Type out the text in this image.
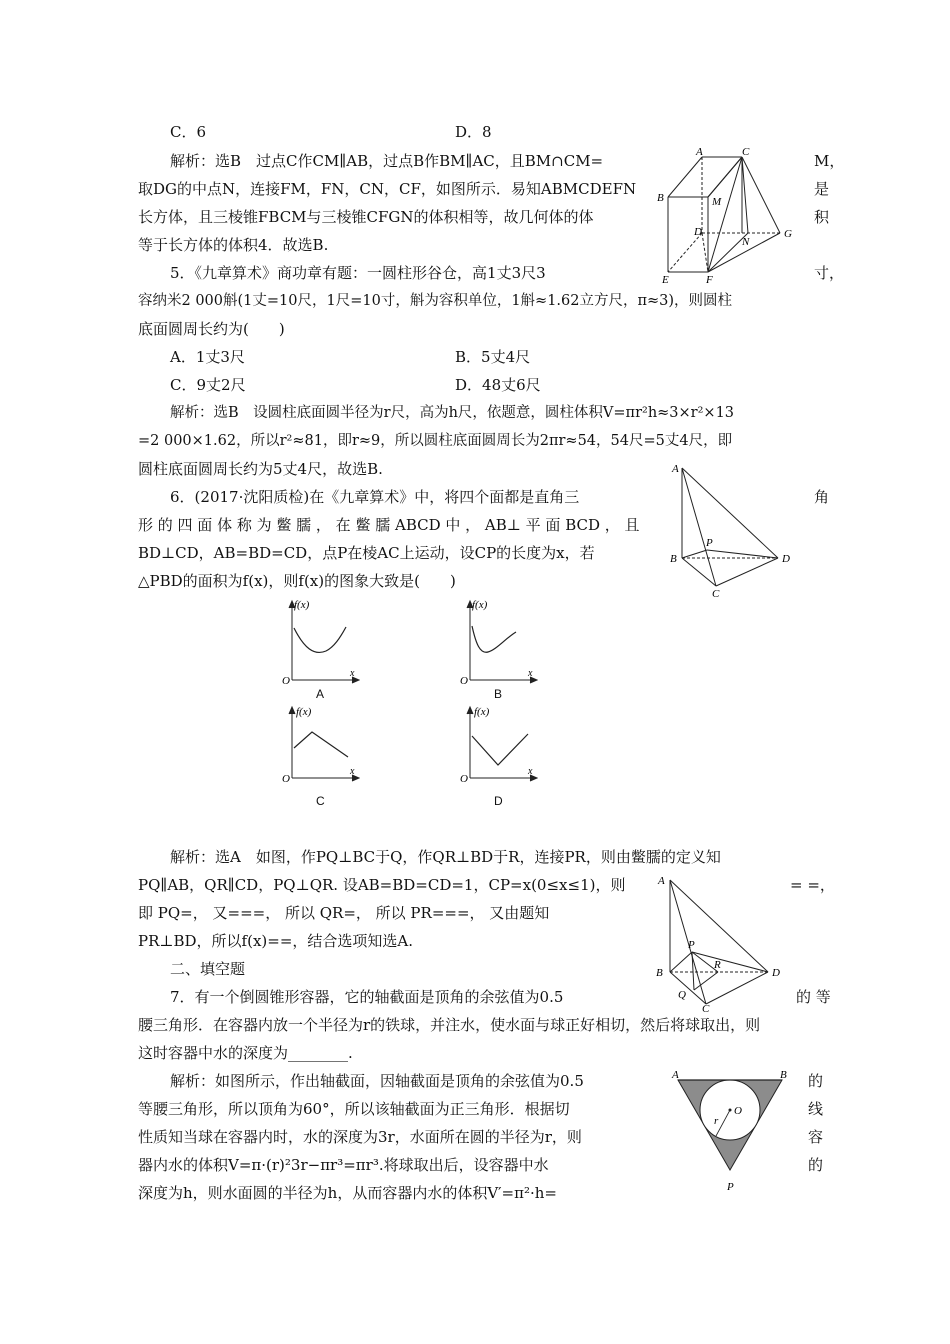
C．6	D．8
解析：选B　过点C作CM∥AB，过点B作BM∥AC，且BM∩CM=	M，
取DG的中点N，连接FM，FN，CN，CF，如图所示．易知ABMCDEFN	是
长方体，且三棱锥FBCM与三棱锥CFGN的体积相等，故几何体的体	积
等于长方体的体积4．故选B.
A	C
B	M
D
N
G
E	F
5．《九章算术》商功章有题：一圆柱形谷仓，高1丈3尺3	寸，
容纳米2 000斛(1丈=10尺，1尺=10寸，斛为容积单位，1斛≈1.62立方尺，π≈3)，则圆柱
底面圆周长约为(　　)
A．1丈3尺	B．5丈4尺
C．9丈2尺	D．48丈6尺
解析：选B　设圆柱底面圆半径为r尺，高为h尺，依题意，圆柱体积V=πr²h≈3×r²×13
=2 000×1.62，所以r²≈81，即r≈9，所以圆柱底面圆周长为2πr≈54，54尺=5丈4尺，即
圆柱底面圆周长约为5丈4尺，故选B.
6．(2017·沈阳质检)在《九章算术》中，将四个面都是直角三	角
形 的 四 面 体 称 为 鳖 臑 ， 在 鳖 臑 ABCD 中 ， AB⊥ 平 面 BCD ， 且
BD⊥CD，AB=BD=CD，点P在棱AC上运动，设CP的长度为x，若
△PBD的面积为f(x)，则f(x)的图象大致是(　　)
A
P
B	D
C
f(x)
O
x
A
f(x)
O
x
B
f(x)
O
x
C
f(x)
O
x
D
解析：选A　如图，作PQ⊥BC于Q，作QR⊥BD于R，连接PR，则由鳖臑的定义知
PQ∥AB，QR∥CD，PQ⊥QR. 设AB=BD=CD=1，CP=x(0≤x≤1)，则	= =，
即 PQ=， 又===， 所以 QR=， 所以 PR===， 又由题知
PR⊥BD，所以f(x)==，结合选项知选A.
A
P
B
R
D
Q
C
二、填空题
7．有一个倒圆锥形容器，它的轴截面是顶角的余弦值为0.5	的 等
腰三角形．在容器内放一个半径为r的铁球，并注水，使水面与球正好相切，然后将球取出，则
这时容器中水的深度为________.
解析：如图所示，作出轴截面，因轴截面是顶角的余弦值为0.5	的
等腰三角形，所以顶角为60°，所以该轴截面为正三角形．根据切	线
性质知当球在容器内时，水的深度为3r，水面所在圆的半径为r，则	容
器内水的体积V=π·(r)²3r−πr³=πr³.将球取出后，设容器中水	的
深度为h，则水面圆的半径为h，从而容器内水的体积V′=π²·h=
A	B
r
O
P
